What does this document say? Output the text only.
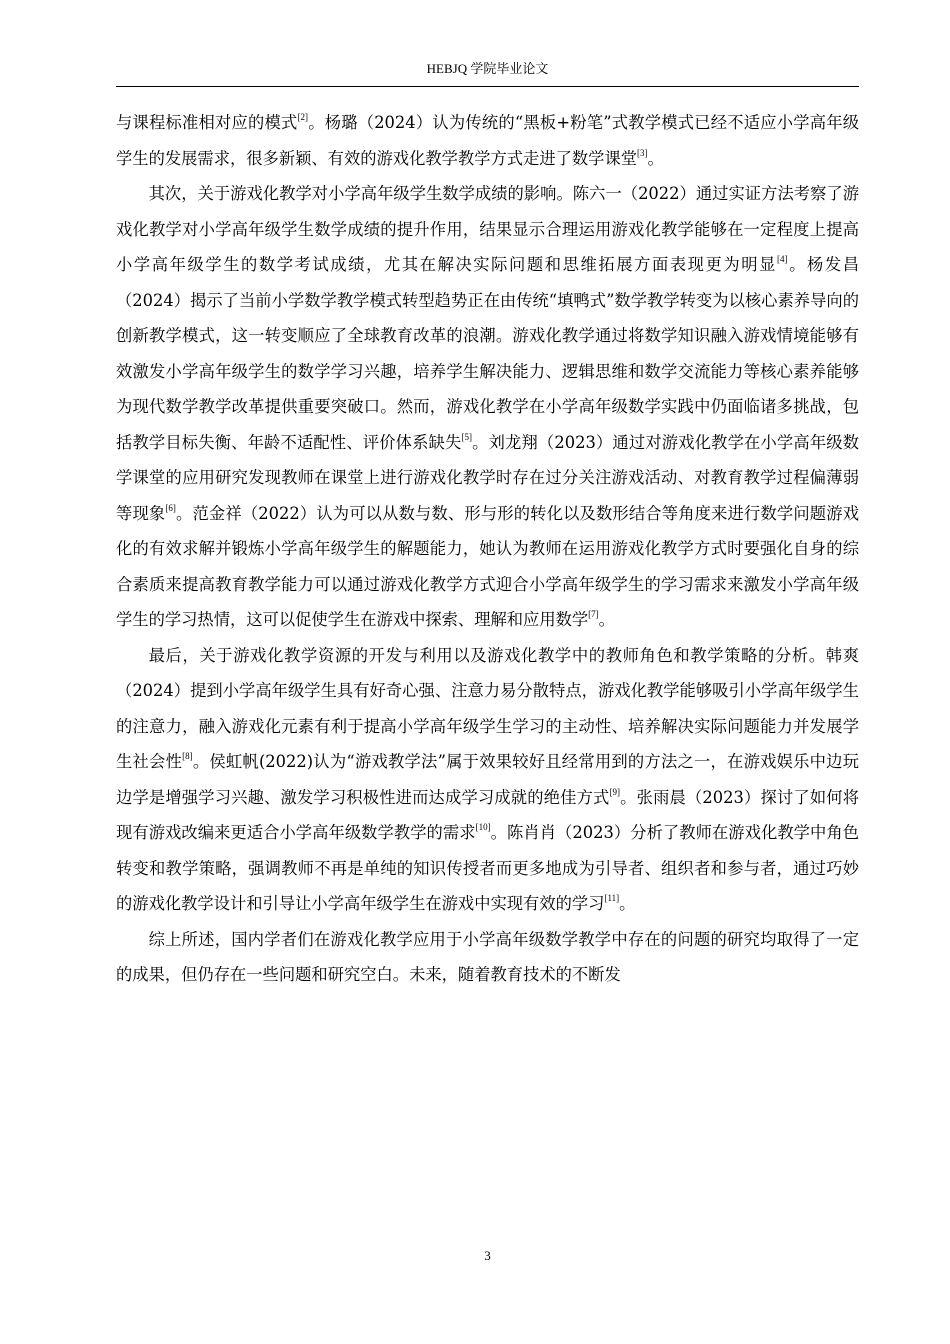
HEBJQ 学院毕业论文

与课程标准相对应的模式[2]。杨璐（2024）认为传统的“黑板+粉笔”式教学模式已经不适应小学高年级学生的发展需求，很多新颖、有效的游戏化教学教学方式走进了数学课堂[3]。

其次，关于游戏化教学对小学高年级学生数学成绩的影响。陈六一（2022）通过实证方法考察了游戏化教学对小学高年级学生数学成绩的提升作用，结果显示合理运用游戏化教学能够在一定程度上提高小学高年级学生的数学考试成绩，尤其在解决实际问题和思维拓展方面表现更为明显[4]。杨发昌（2024）揭示了当前小学数学教学模式转型趋势正在由传统“填鸭式”数学教学转变为以核心素养导向的创新教学模式，这一转变顺应了全球教育改革的浪潮。游戏化教学通过将数学知识融入游戏情境能够有效激发小学高年级学生的数学学习兴趣，培养学生解决能力、逻辑思维和数学交流能力等核心素养能够为现代数学教学改革提供重要突破口。然而，游戏化教学在小学高年级数学实践中仍面临诸多挑战，包括教学目标失衡、年龄不适配性、评价体系缺失[5]。刘龙翔（2023）通过对游戏化教学在小学高年级数学课堂的应用研究发现教师在课堂上进行游戏化教学时存在过分关注游戏活动、对教育教学过程偏薄弱等现象[6]。范金祥（2022）认为可以从数与数、形与形的转化以及数形结合等角度来进行数学问题游戏化的有效求解并锻炼小学高年级学生的解题能力，她认为教师在运用游戏化教学方式时要强化自身的综合素质来提高教育教学能力可以通过游戏化教学方式迎合小学高年级学生的学习需求来激发小学高年级学生的学习热情，这可以促使学生在游戏中探索、理解和应用数学[7]。

最后，关于游戏化教学资源的开发与利用以及游戏化教学中的教师角色和教学策略的分析。韩爽（2024）提到小学高年级学生具有好奇心强、注意力易分散特点，游戏化教学能够吸引小学高年级学生的注意力，融入游戏化元素有利于提高小学高年级学生学习的主动性、培养解决实际问题能力并发展学生社会性[8]。侯虹帆(2022)认为“游戏教学法”属于效果较好且经常用到的方法之一，在游戏娱乐中边玩边学是增强学习兴趣、激发学习积极性进而达成学习成就的绝佳方式[9]。张雨晨（2023）探讨了如何将现有游戏改编来更适合小学高年级数学教学的需求[10]。陈肖肖（2023）分析了教师在游戏化教学中角色转变和教学策略，强调教师不再是单纯的知识传授者而更多地成为引导者、组织者和参与者，通过巧妙的游戏化教学设计和引导让小学高年级学生在游戏中实现有效的学习[11]。

综上所述，国内学者们在游戏化教学应用于小学高年级数学教学中存在的问题的研究均取得了一定的成果，但仍存在一些问题和研究空白。未来，随着教育技术的不断发

3
